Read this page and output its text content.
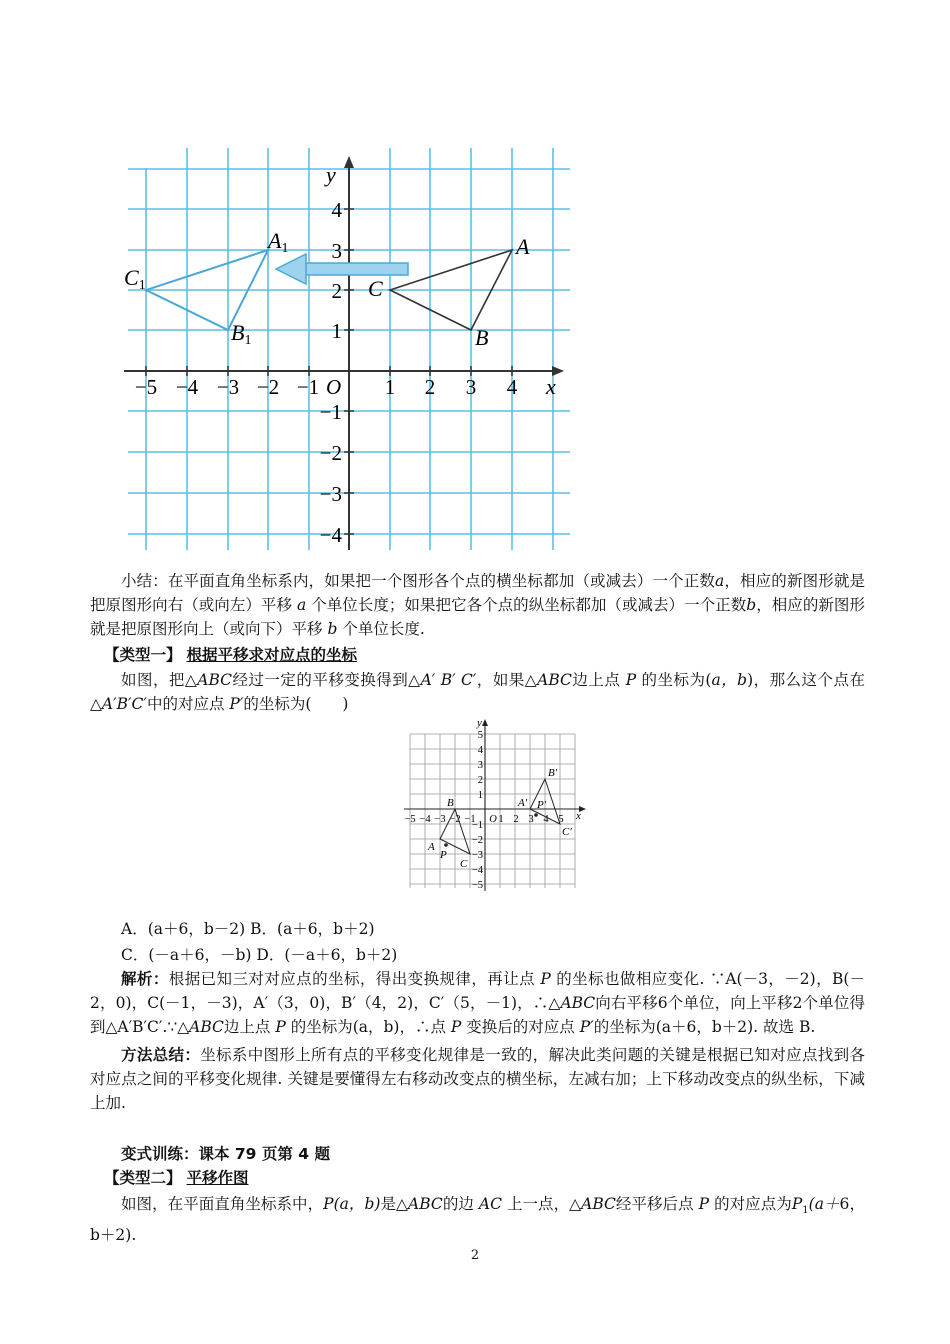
x
y
O
−5 −4 −3 −2 −1	1 2 3 4
1
2
3
4
−1
−2
−3
−4
A1
B1
C1
A
B
C
小结：在平面直角坐标系内，如果把一个图形各个点的横坐标都加（或减去）一个正数a，相应的新图形就是把原图形向右（或向左）平移 a 个单位长度；如果把它各个点的纵坐标都加（或减去）一个正数b，相应的新图形就是把原图形向上（或向下）平移 b 个单位长度.
【类型一】 根据平移求对应点的坐标
如图，把△ABC经过一定的平移变换得到△A′ B′ C′，如果△ABC边上点 P 的坐标为(a，b)，那么这个点在△A′B′C′中的对应点 P′的坐标为(　　)
x
y
−5 −4 −3 −2 −1 O 1 2 3 4 5
5
4
3
2
1
−1
−2
−3
−4
−5
A
B
C
P
A′
B′
C′
P′
A．(a＋6，b－2) B．(a＋6，b＋2)
C．(－a＋6，－b) D．(－a＋6，b＋2)
解析：根据已知三对对应点的坐标，得出变换规律，再让点 P 的坐标也做相应变化. ∵A(－3，－2)，B(－2，0)，C(－1，－3)，A′（3，0)，B′（4，2)，C′（5，－1)，∴△ABC向右平移6个单位，向上平移2个单位得到△A′B′C′.∵△ABC边上点 P 的坐标为(a，b)，∴点 P 变换后的对应点 P′的坐标为(a＋6，b＋2). 故选 B.
方法总结：坐标系中图形上所有点的平移变化规律是一致的，解决此类问题的关键是根据已知对应点找到各对应点之间的平移变化规律. 关键是要懂得左右移动改变点的横坐标，左减右加；上下移动改变点的纵坐标，下减上加.
变式训练：课本 79 页第 4 题
【类型二】 平移作图
如图，在平面直角坐标系中，P(a，b)是△ABC的边 AC 上一点，△ABC经平移后点 P 的对应点为$P_1(a+6$，b＋2).
2
